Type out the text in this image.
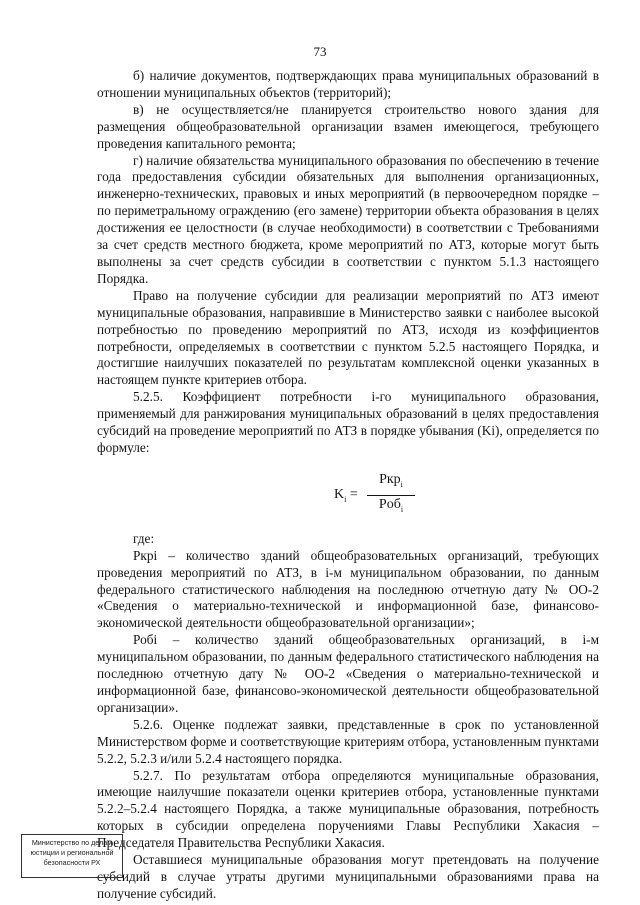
73

б) наличие документов, подтверждающих права муниципальных образований в отношении муниципальных объектов (территорий);

в) не осуществляется/не планируется строительство нового здания для размещения общеобразовательной организации взамен имеющегося, требующего проведения капитального ремонта;

г) наличие обязательства муниципального образования по обеспечению в течение года предоставления субсидии обязательных для выполнения организационных, инженерно-технических, правовых и иных мероприятий (в первоочередном порядке – по периметральному ограждению (его замене) территории объекта образования в целях достижения ее целостности (в случае необходимости) в соответствии с Требованиями за счет средств местного бюджета, кроме мероприятий по АТЗ, которые могут быть выполнены за счет средств субсидии в соответствии с пунктом 5.1.3 настоящего Порядка.

Право на получение субсидии для реализации мероприятий по АТЗ имеют муниципальные образования, направившие в Министерство заявки с наиболее высокой потребностью по проведению мероприятий по АТЗ, исходя из коэффициентов потребности, определяемых в соответствии с пунктом 5.2.5 настоящего Порядка, и достигшие наилучших показателей по результатам комплексной оценки указанных в настоящем пункте критериев отбора.

5.2.5. Коэффициент потребности i-го муниципального образования, применяемый для ранжирования муниципальных образований в целях предоставления субсидий на проведение мероприятий по АТЗ в порядке убывания (Ki), определяется по формуле:

$K_i$ =
Pкр$_i$
Poб$_i$

где:

Ркрi – количество зданий общеобразовательных организаций, требующих проведения мероприятий по АТЗ, в i-м муниципальном образовании, по данным федерального статистического наблюдения на последнюю отчетную дату № ОО-2 «Сведения о материально-технической и информационной базе, финансово-экономической деятельности общеобразовательной организации»;

Робi – количество зданий общеобразовательных организаций, в i-м муниципальном образовании, по данным федерального статистического наблюдения на последнюю отчетную дату № ОО-2 «Сведения о материально-технической и информационной базе, финансово-экономической деятельности общеобразовательной организации».

5.2.6. Оценке подлежат заявки, представленные в срок по установленной Министерством форме и соответствующие критериям отбора, установленным пунктами 5.2.2, 5.2.3 и/или 5.2.4 настоящего порядка.

5.2.7. По результатам отбора определяются муниципальные образования, имеющие наилучшие показатели оценки критериев отбора, установленные пунктами 5.2.2–5.2.4 настоящего Порядка, а также муниципальные образования, потребность которых в субсидии определена поручениями Главы Республики Хакасия – Председателя Правительства Республики Хакасия.

Оставшиеся муниципальные образования могут претендовать на получение субсидий в случае утраты другими муниципальными образованиями права на получение субсидий.

Министерство по делам
юстиции и региональной
безопасности РХ
